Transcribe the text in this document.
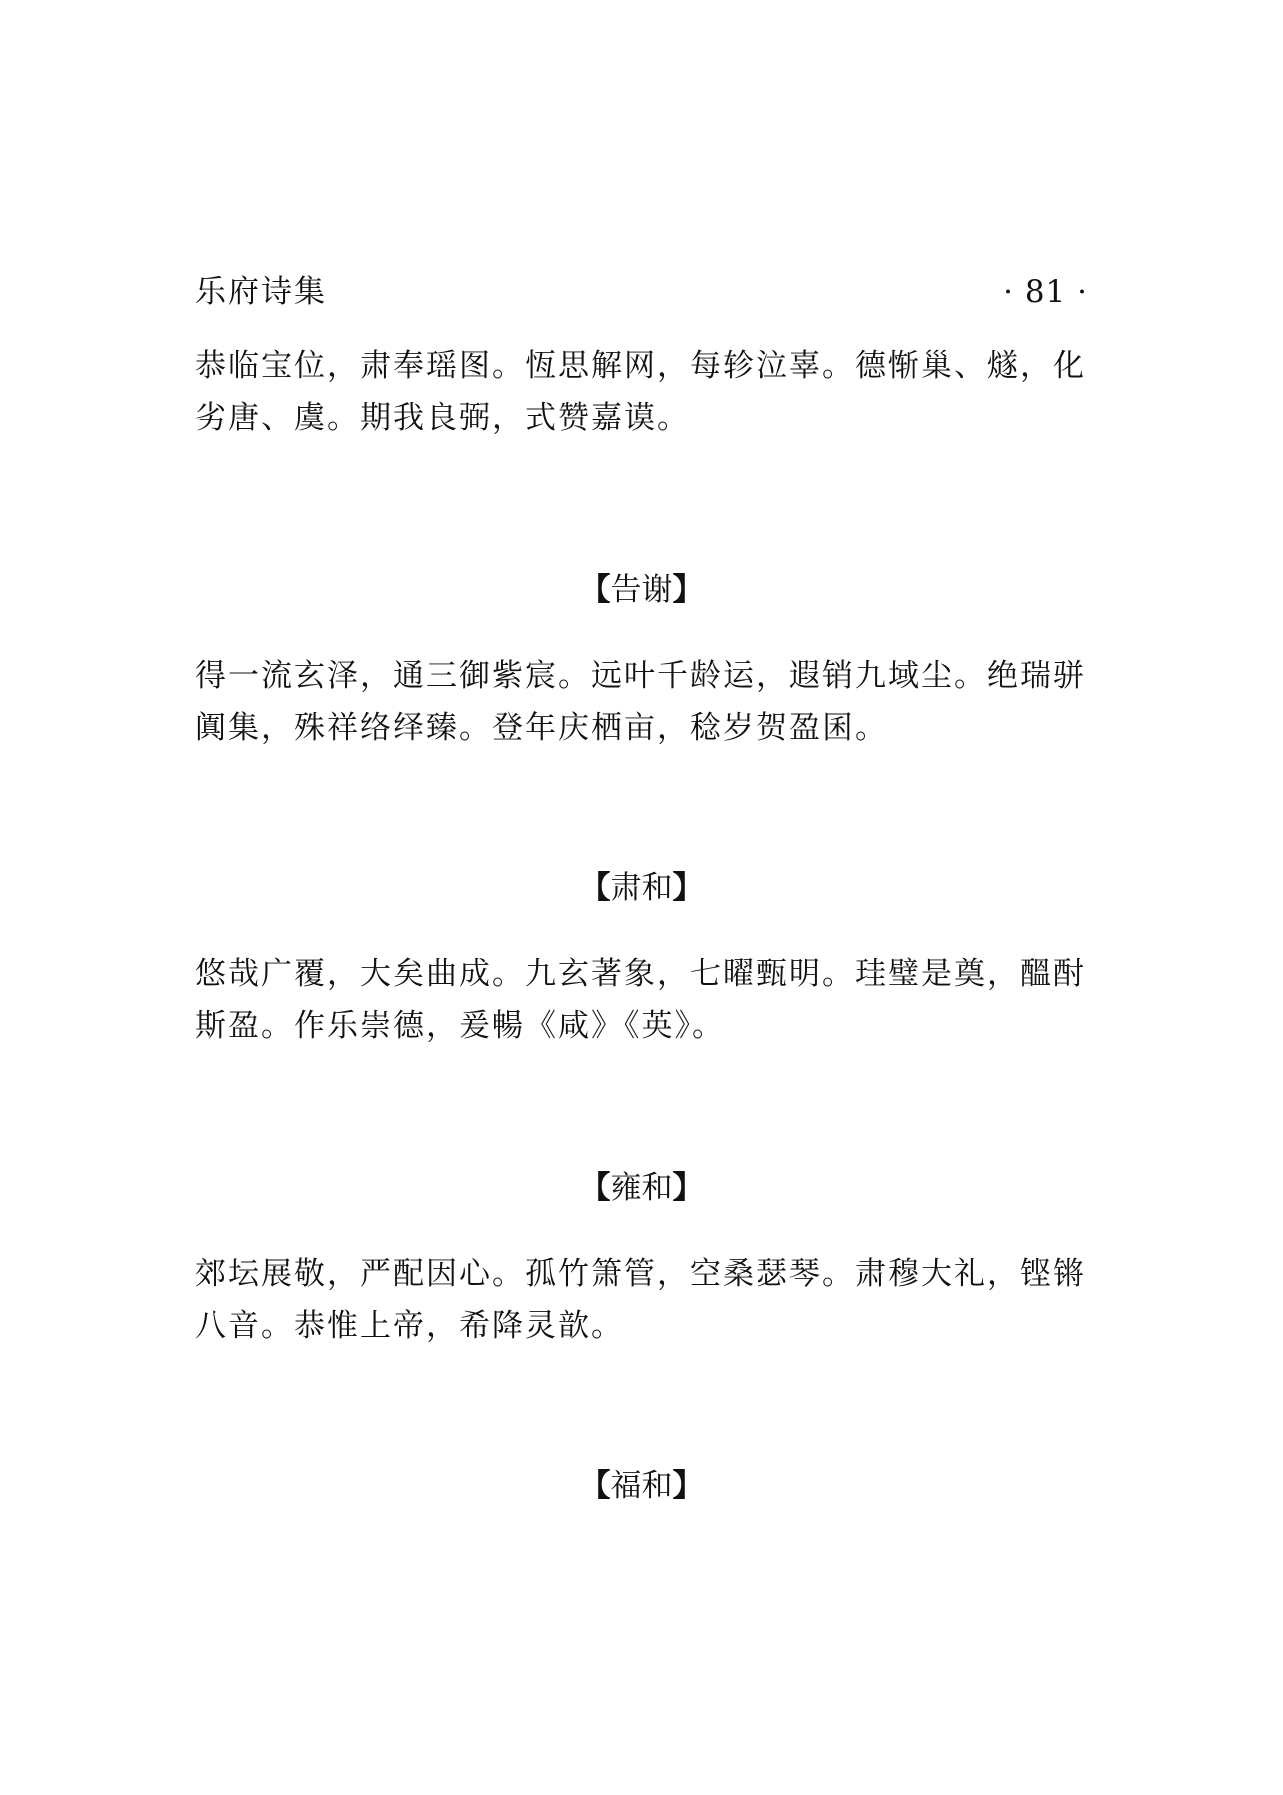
乐府诗集	· 81 ·

恭临宝位，肃奉瑶图。恆思解网，每轸泣辜。德惭巢、燧，化
劣唐、虞。期我良弼，式赞嘉谟。

【告谢】

得一流玄泽，通三御紫宸。远叶千龄运，遐销九域尘。绝瑞骈
阗集，殊祥络绎臻。登年庆栖亩，稔岁贺盈囷。

【肃和】

悠哉广覆，大矣曲成。九玄著象，七曜甄明。珪璧是奠，醞酎
斯盈。作乐崇德，爰暢《咸》《英》。

【雍和】

郊坛展敬，严配因心。孤竹箫管，空桑瑟琴。肃穆大礼，铿锵
八音。恭惟上帝，希降灵歆。

【福和】
